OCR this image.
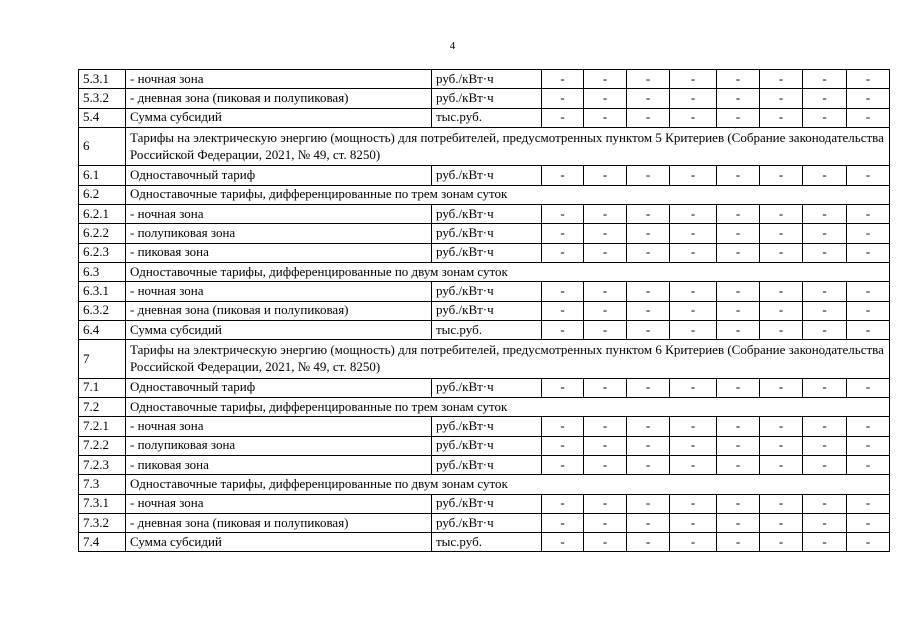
4
5.3.1	- ночная зона	руб./кВт·ч	-	-	-	-	-	-	-	-
5.3.2	- дневная зона (пиковая и полупиковая)	руб./кВт·ч	-	-	-	-	-	-	-	-
5.4	Сумма субсидий	тыс.руб.	-	-	-	-	-	-	-	-
6	Тарифы на электрическую энергию (мощность) для потребителей, предусмотренных пунктом 5 Критериев (Собрание законодательства Российской Федерации, 2021, № 49, ст. 8250)									
6.1	Одноставочный тариф	руб./кВт·ч	-	-	-	-	-	-	-	-
6.2	Одноставочные тарифы, дифференцированные по трем зонам суток									
6.2.1	- ночная зона	руб./кВт·ч	-	-	-	-	-	-	-	-
6.2.2	- полупиковая зона	руб./кВт·ч	-	-	-	-	-	-	-	-
6.2.3	- пиковая зона	руб./кВт·ч	-	-	-	-	-	-	-	-
6.3	Одноставочные тарифы, дифференцированные по двум зонам суток									
6.3.1	- ночная зона	руб./кВт·ч	-	-	-	-	-	-	-	-
6.3.2	- дневная зона (пиковая и полупиковая)	руб./кВт·ч	-	-	-	-	-	-	-	-
6.4	Сумма субсидий	тыс.руб.	-	-	-	-	-	-	-	-
7	Тарифы на электрическую энергию (мощность) для потребителей, предусмотренных пунктом 6 Критериев (Собрание законодательства Российской Федерации, 2021, № 49, ст. 8250)									
7.1	Одноставочный тариф	руб./кВт·ч	-	-	-	-	-	-	-	-
7.2	Одноставочные тарифы, дифференцированные по трем зонам суток									
7.2.1	- ночная зона	руб./кВт·ч	-	-	-	-	-	-	-	-
7.2.2	- полупиковая зона	руб./кВт·ч	-	-	-	-	-	-	-	-
7.2.3	- пиковая зона	руб./кВт·ч	-	-	-	-	-	-	-	-
7.3	Одноставочные тарифы, дифференцированные по двум зонам суток									
7.3.1	- ночная зона	руб./кВт·ч	-	-	-	-	-	-	-	-
7.3.2	- дневная зона (пиковая и полупиковая)	руб./кВт·ч	-	-	-	-	-	-	-	-
7.4	Сумма субсидий	тыс.руб.	-	-	-	-	-	-	-	-
